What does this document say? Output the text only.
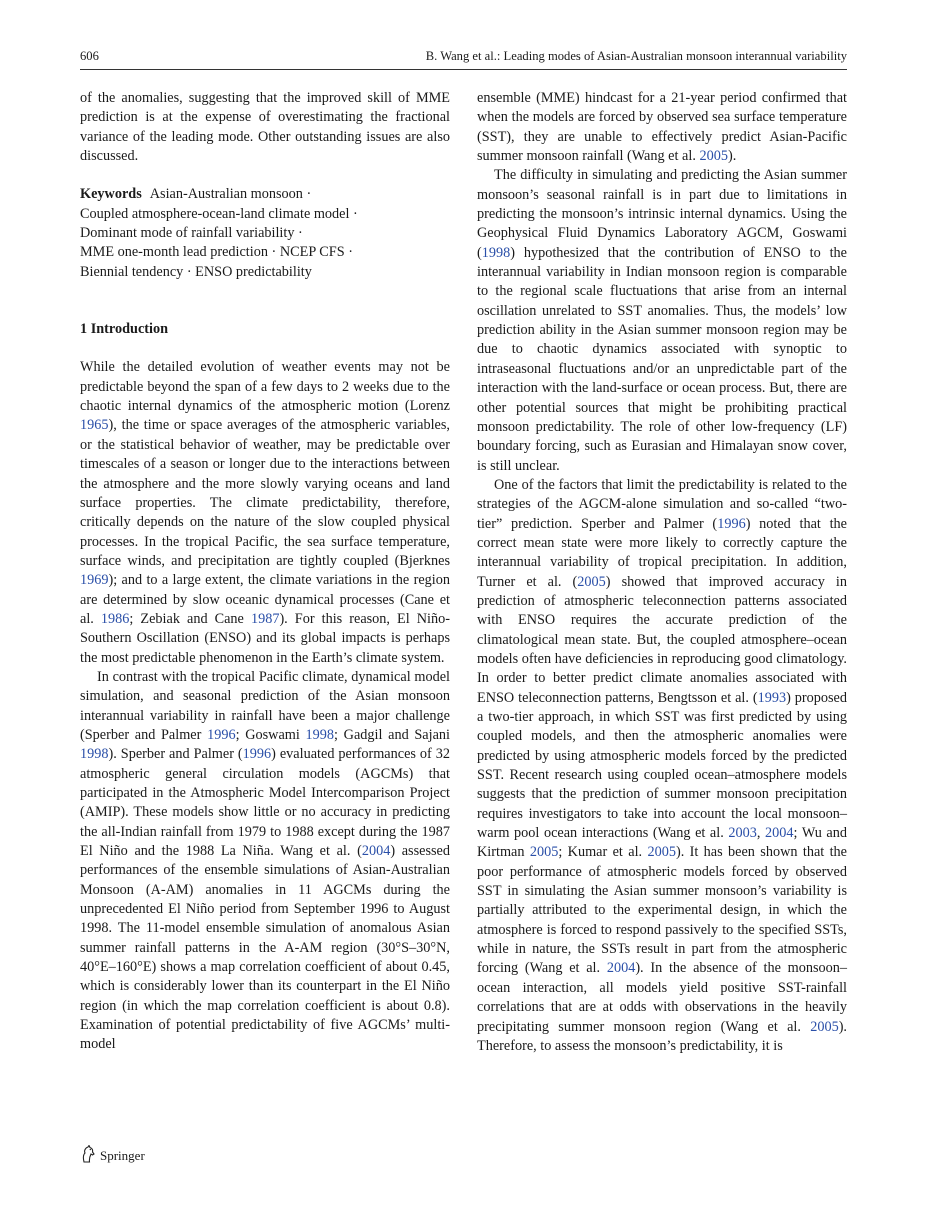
606	B. Wang et al.: Leading modes of Asian-Australian monsoon interannual variability

of the anomalies, suggesting that the improved skill of MME prediction is at the expense of overestimating the fractional variance of the leading mode. Other outstanding issues are also discussed.

Keywords Asian-Australian monsoon ·
Coupled atmosphere-ocean-land climate model ·
Dominant mode of rainfall variability ·
MME one-month lead prediction · NCEP CFS ·
Biennial tendency · ENSO predictability
1 Introduction

While the detailed evolution of weather events may not be predictable beyond the span of a few days to 2 weeks due to the chaotic internal dynamics of the atmospheric motion (Lorenz 1965), the time or space averages of the atmospheric variables, or the statistical behavior of weather, may be predictable over timescales of a season or longer due to the interactions between the atmosphere and the more slowly varying oceans and land surface properties. The climate predictability, therefore, critically depends on the nature of the slow coupled physical processes. In the tropical Pacific, the sea surface temperature, surface winds, and precipitation are tightly coupled (Bjerknes 1969); and to a large extent, the climate variations in the region are determined by slow oceanic dynamical processes (Cane et al. 1986; Zebiak and Cane 1987). For this reason, El Niño-Southern Oscillation (ENSO) and its global impacts is perhaps the most predictable phenomenon in the Earth’s climate system.

In contrast with the tropical Pacific climate, dynamical model simulation, and seasonal prediction of the Asian monsoon interannual variability in rainfall have been a major challenge (Sperber and Palmer 1996; Goswami 1998; Gadgil and Sajani 1998). Sperber and Palmer (1996) evaluated performances of 32 atmospheric general circulation models (AGCMs) that participated in the Atmospheric Model Intercomparison Project (AMIP). These models show little or no accuracy in predicting the all-Indian rainfall from 1979 to 1988 except during the 1987 El Niño and the 1988 La Niña. Wang et al. (2004) assessed performances of the ensemble simulations of Asian-Australian Monsoon (A-AM) anomalies in 11 AGCMs during the unprecedented El Niño period from September 1996 to August 1998. The 11-model ensemble simulation of anomalous Asian summer rainfall patterns in the A-AM region (30°S–30°N, 40°E–160°E) shows a map correlation coefficient of about 0.45, which is considerably lower than its counterpart in the El Niño region (in which the map correlation coefficient is about 0.8). Examination of potential predictability of five AGCMs’ multi-model

ensemble (MME) hindcast for a 21-year period confirmed that when the models are forced by observed sea surface temperature (SST), they are unable to effectively predict Asian-Pacific summer monsoon rainfall (Wang et al. 2005).

The difficulty in simulating and predicting the Asian summer monsoon’s seasonal rainfall is in part due to limitations in predicting the monsoon’s intrinsic internal dynamics. Using the Geophysical Fluid Dynamics Laboratory AGCM, Goswami (1998) hypothesized that the contribution of ENSO to the interannual variability in Indian monsoon region is comparable to the regional scale fluctuations that arise from an internal oscillation unrelated to SST anomalies. Thus, the models’ low prediction ability in the Asian summer monsoon region may be due to chaotic dynamics associated with synoptic to intraseasonal fluctuations and/or an unpredictable part of the interaction with the land-surface or ocean process. But, there are other potential sources that might be prohibiting practical monsoon predictability. The role of other low-frequency (LF) boundary forcing, such as Eurasian and Himalayan snow cover, is still unclear.

One of the factors that limit the predictability is related to the strategies of the AGCM-alone simulation and so-called “two-tier” prediction. Sperber and Palmer (1996) noted that the correct mean state were more likely to correctly capture the interannual variability of tropical precipitation. In addition, Turner et al. (2005) showed that improved accuracy in prediction of atmospheric teleconnection patterns associated with ENSO requires the accurate prediction of the climatological mean state. But, the coupled atmosphere–ocean models often have deficiencies in reproducing good climatology. In order to better predict climate anomalies associated with ENSO teleconnection patterns, Bengtsson et al. (1993) proposed a two-tier approach, in which SST was first predicted by using coupled models, and then the atmospheric anomalies were predicted by using atmospheric models forced by the predicted SST. Recent research using coupled ocean–atmosphere models suggests that the prediction of summer monsoon precipitation requires investigators to take into account the local monsoon–warm pool ocean interactions (Wang et al. 2003, 2004; Wu and Kirtman 2005; Kumar et al. 2005). It has been shown that the poor performance of atmospheric models forced by observed SST in simulating the Asian summer monsoon’s variability is partially attributed to the experimental design, in which the atmosphere is forced to respond passively to the specified SSTs, while in nature, the SSTs result in part from the atmospheric forcing (Wang et al. 2004). In the absence of the monsoon–ocean interaction, all models yield positive SST-rainfall correlations that are at odds with observations in the heavily precipitating summer monsoon region (Wang et al. 2005). Therefore, to assess the monsoon’s predictability, it is

Springer
